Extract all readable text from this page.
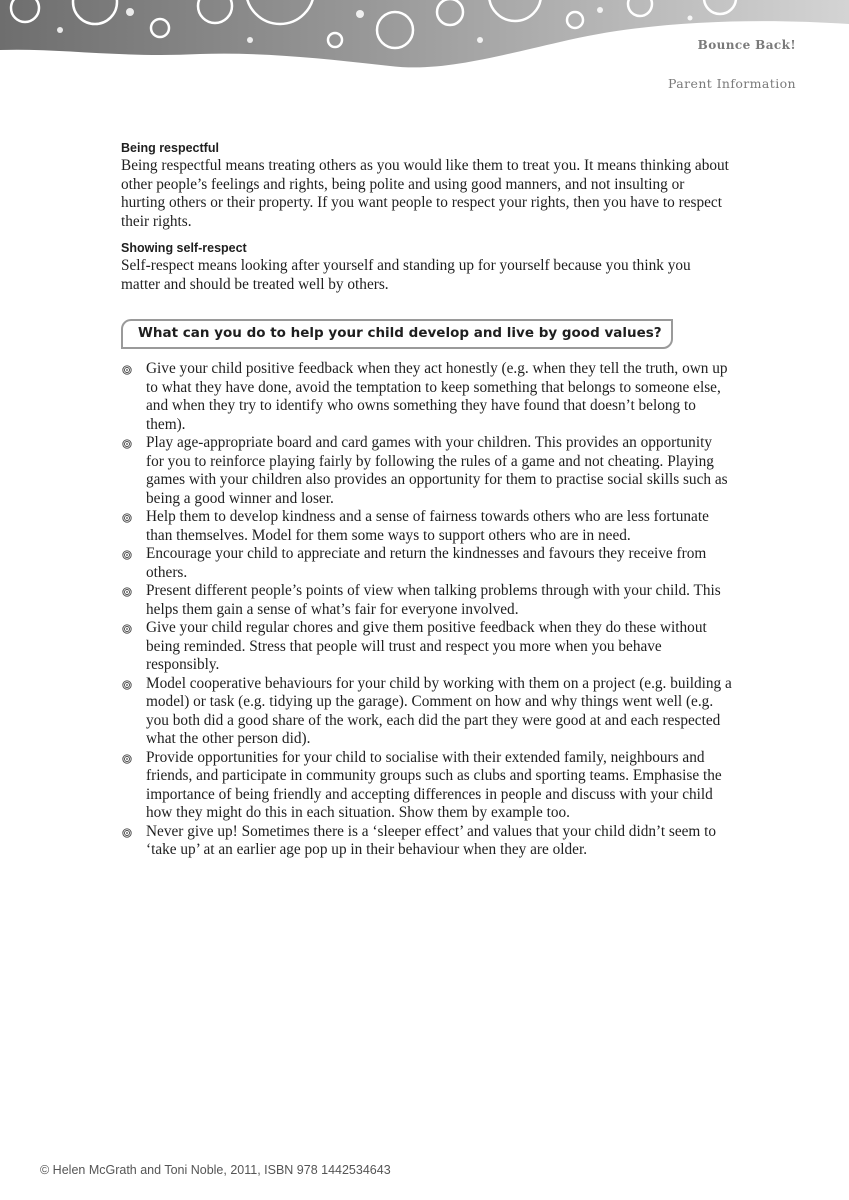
Bounce Back!
Parent Information
Being respectful

Being respectful means treating others as you would like them to treat you. It means thinking about other people’s feelings and rights, being polite and using good manners, and not insulting or hurting others or their property. If you want people to respect your rights, then you have to respect their rights.

Showing self-respect

Self-respect means looking after yourself and standing up for yourself because you think you matter and should be treated well by others.

What can you do to help your child develop and live by good values?
Give your child positive feedback when they act honestly (e.g. when they tell the truth, own up to what they have done, avoid the temptation to keep something that belongs to someone else, and when they try to identify who owns something they have found that doesn’t belong to them).
Play age-appropriate board and card games with your children. This provides an opportunity for you to reinforce playing fairly by following the rules of a game and not cheating. Playing games with your children also provides an opportunity for them to practise social skills such as being a good winner and loser.
Help them to develop kindness and a sense of fairness towards others who are less fortunate than themselves. Model for them some ways to support others who are in need.
Encourage your child to appreciate and return the kindnesses and favours they receive from others.
Present different people’s points of view when talking problems through with your child. This helps them gain a sense of what’s fair for everyone involved.
Give your child regular chores and give them positive feedback when they do these without being reminded. Stress that people will trust and respect you more when you behave responsibly.
Model cooperative behaviours for your child by working with them on a project (e.g. building a model) or task (e.g. tidying up the garage). Comment on how and why things went well (e.g. you both did a good share of the work, each did the part they were good at and each respected what the other person did).
Provide opportunities for your child to socialise with their extended family, neighbours and friends, and participate in community groups such as clubs and sporting teams. Emphasise the importance of being friendly and accepting differences in people and discuss with your child how they might do this in each situation. Show them by example too.
Never give up! Sometimes there is a ‘sleeper effect’ and values that your child didn’t seem to ‘take up’ at an earlier age pop up in their behaviour when they are older.
© Helen McGrath and Toni Noble, 2011, ISBN 978 1442534643
